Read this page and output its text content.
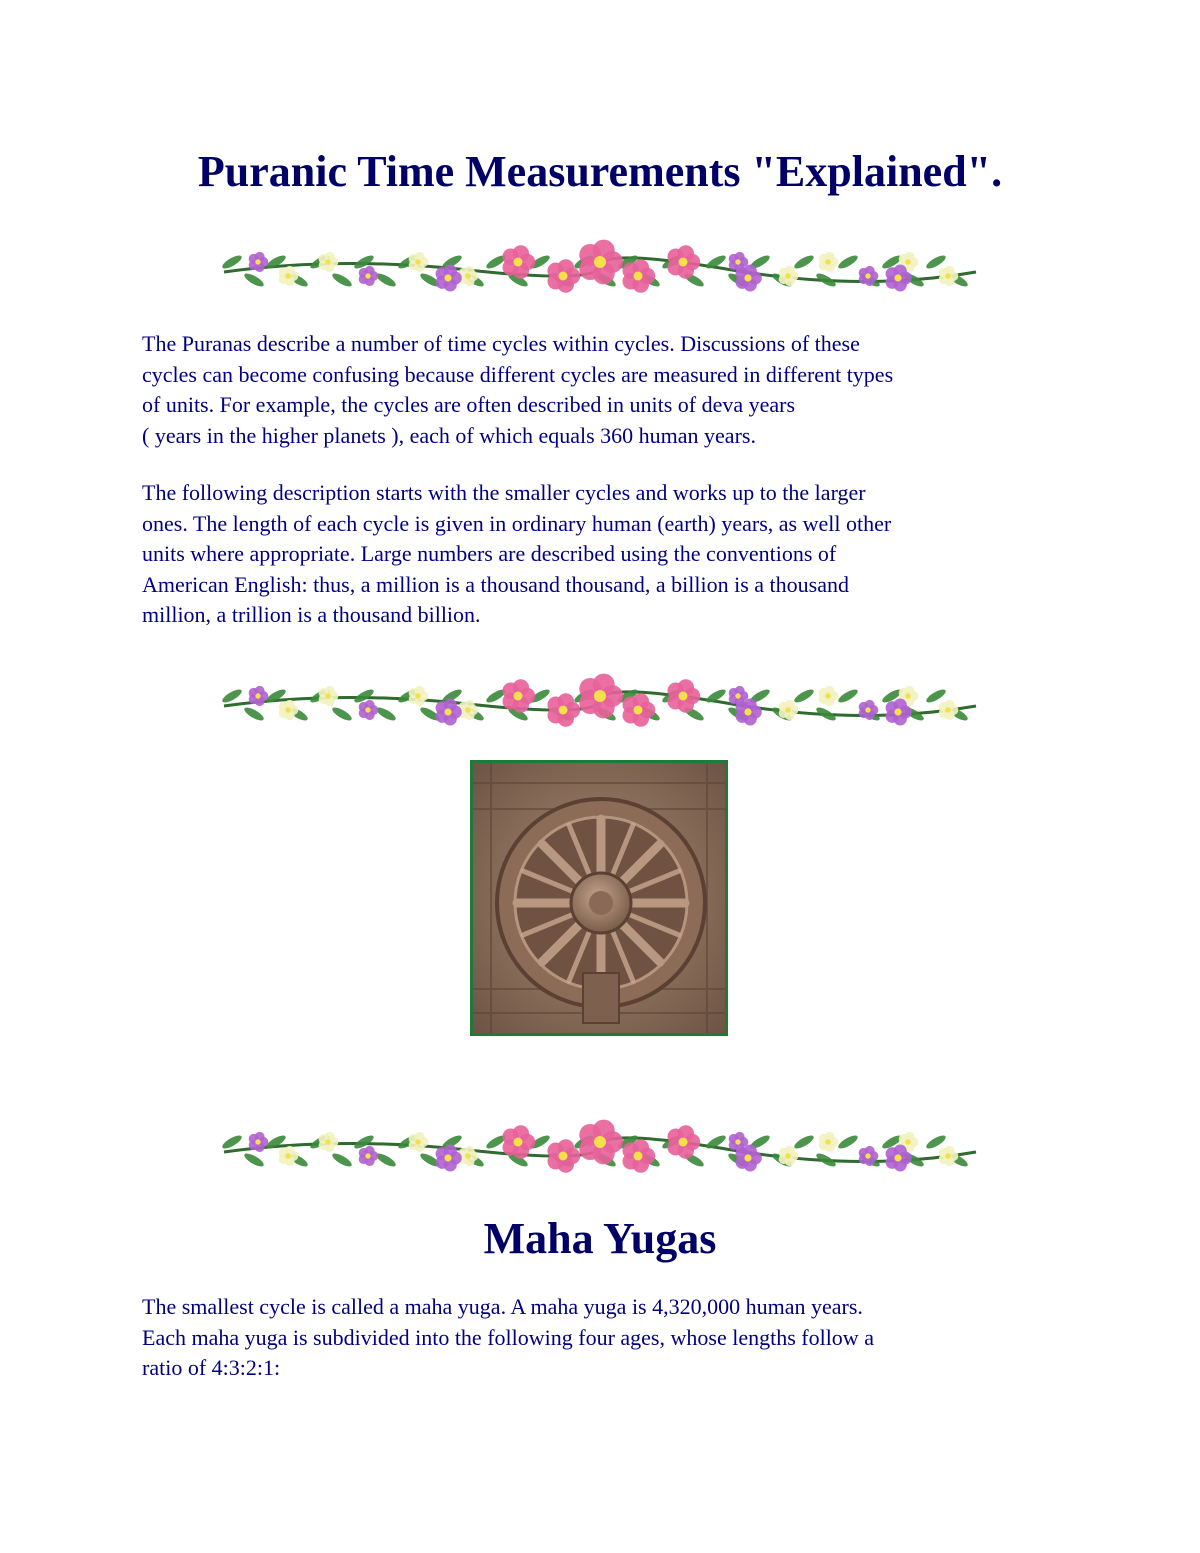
Puranic Time Measurements "Explained".

The Puranas describe a number of time cycles within cycles. Discussions of these
cycles can become confusing because different cycles are measured in different types
of units. For example, the cycles are often described in units of deva years
( years in the higher planets ), each of which equals 360 human years.

The following description starts with the smaller cycles and works up to the larger
ones. The length of each cycle is given in ordinary human (earth) years, as well other
units where appropriate. Large numbers are described using the conventions of
American English: thus, a million is a thousand thousand, a billion is a thousand
million, a trillion is a thousand billion.

Maha Yugas

The smallest cycle is called a maha yuga. A maha yuga is 4,320,000 human years.
Each maha yuga is subdivided into the following four ages, whose lengths follow a
ratio of 4:3:2:1:
